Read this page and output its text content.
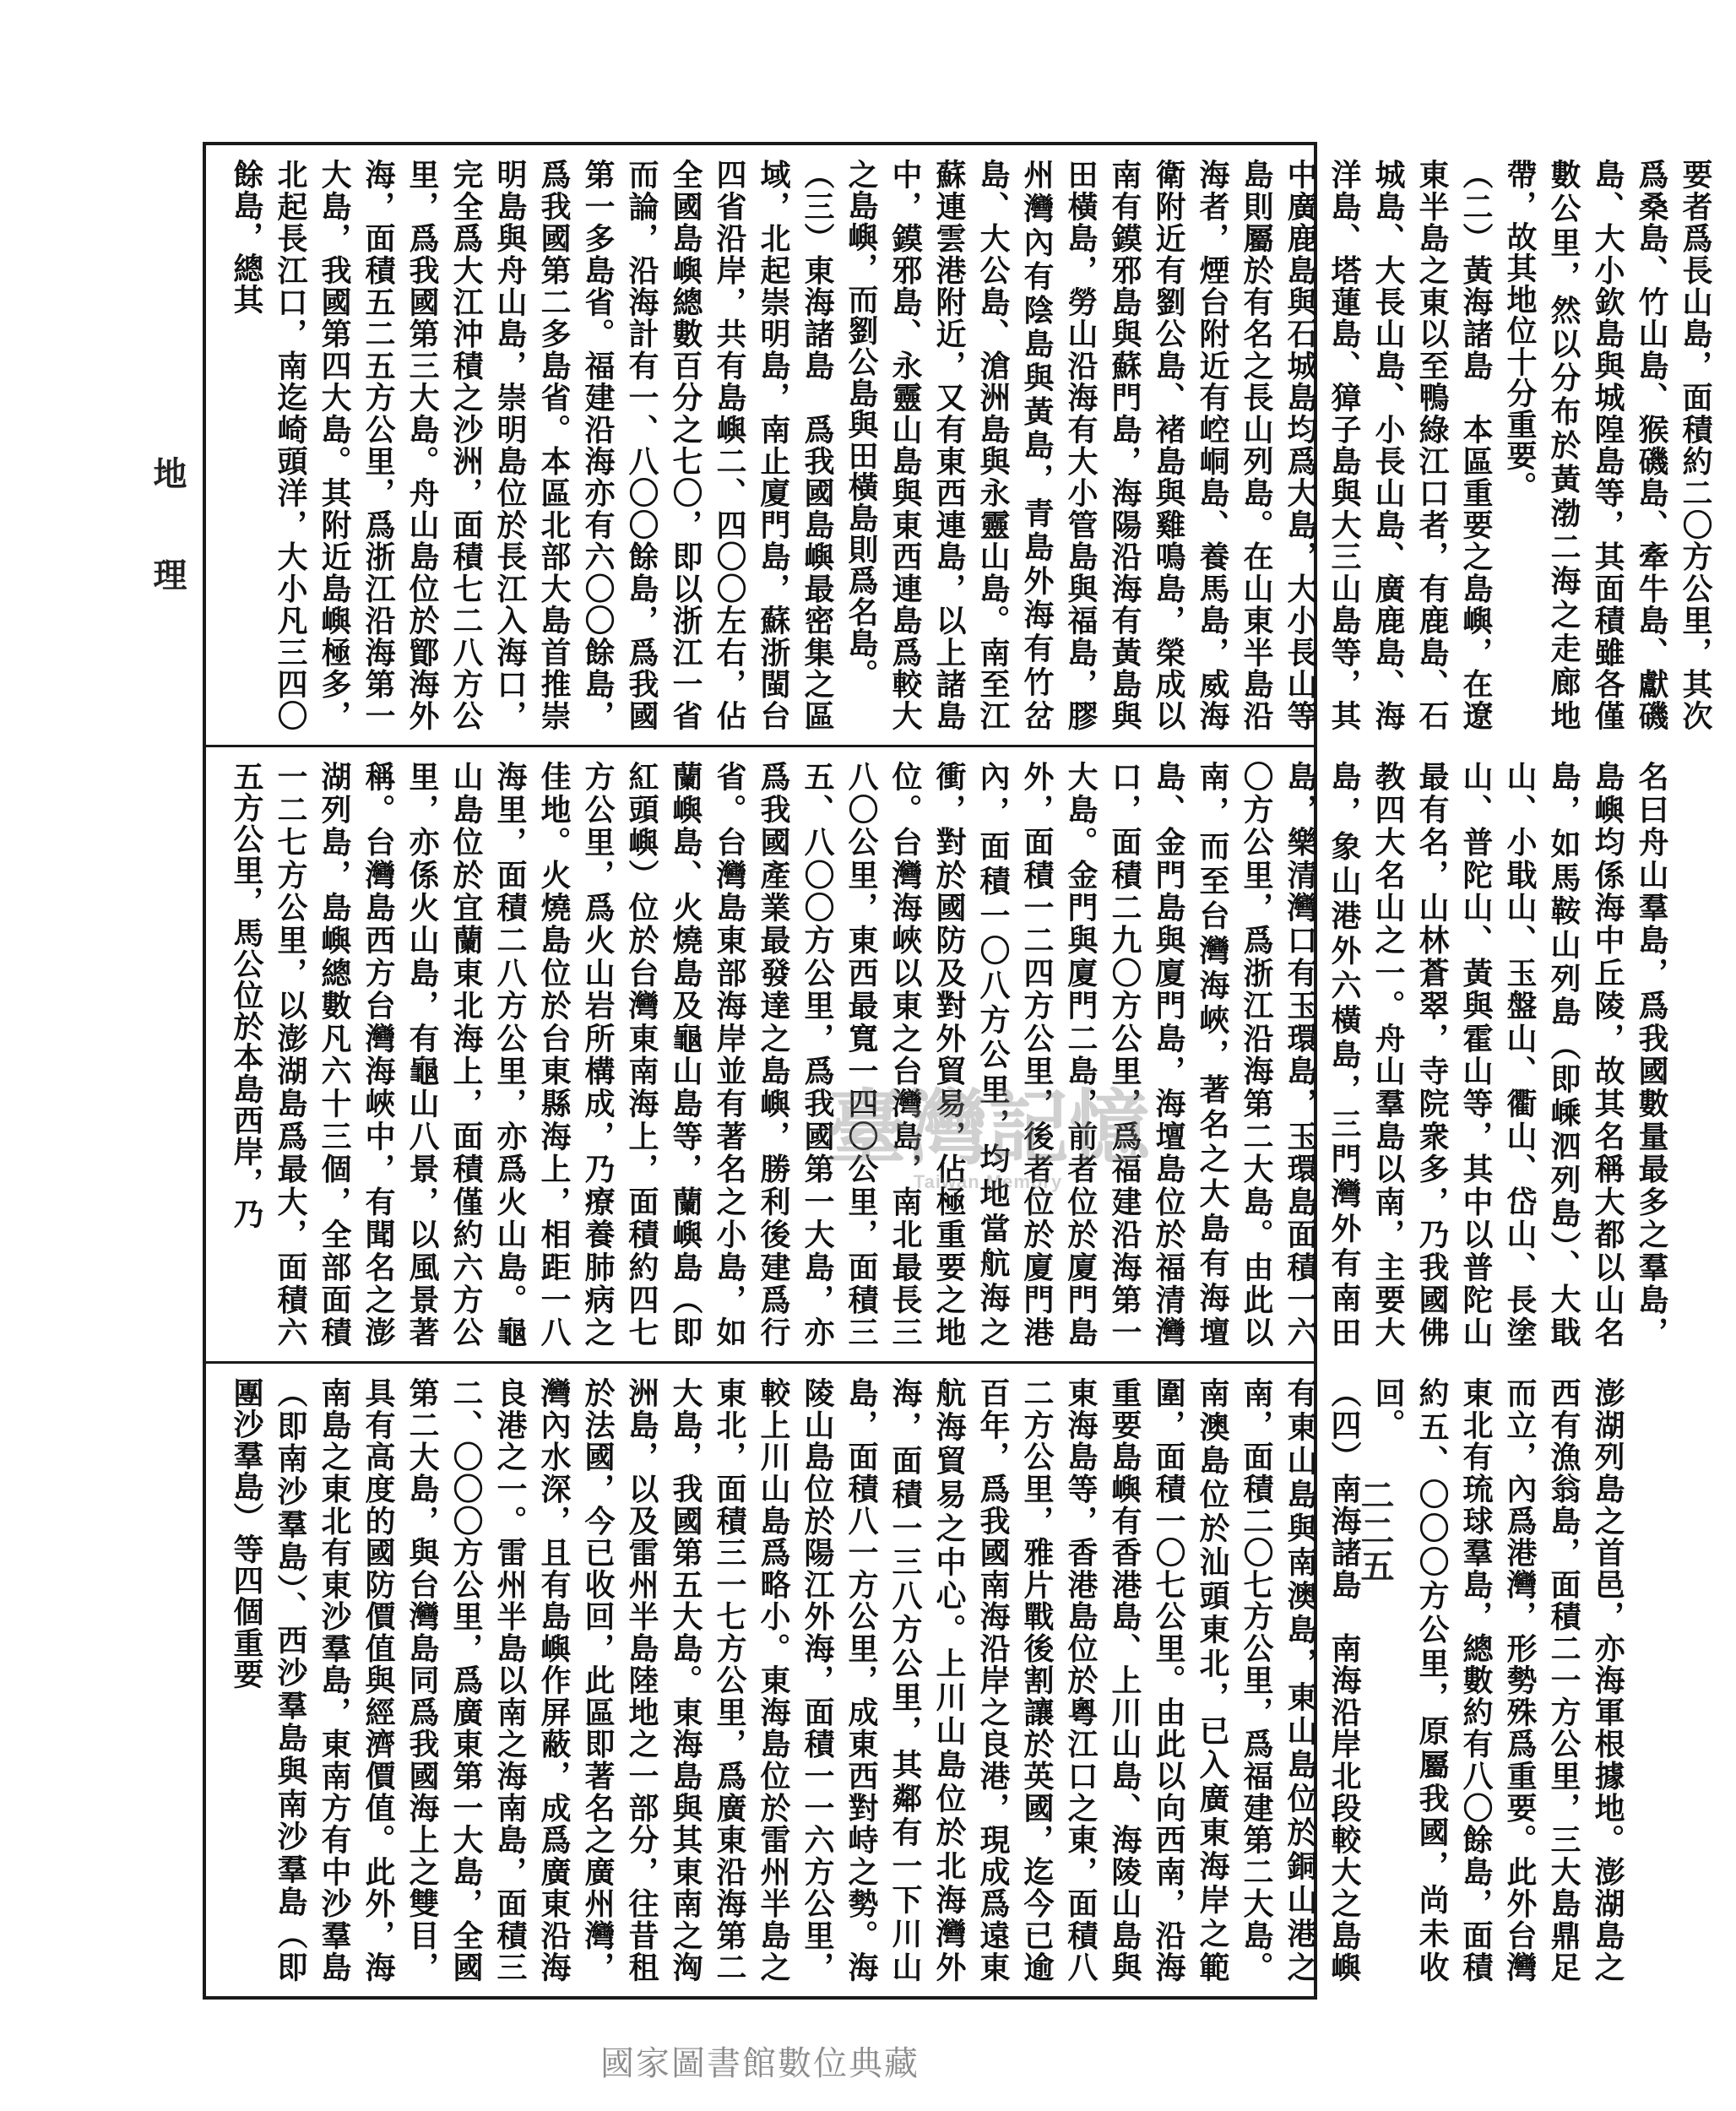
地理	要者爲長山島，面積約二〇方公里，其次爲桑島、竹山島、猴磯島、牽牛島、獻磯島、大小欽島與城隍島等，其面積雖各僅數公里，然以分布於黃渤二海之走廊地帶，故其地位十分重要。

（二）黃海諸島　本區重要之島嶼，在遼東半島之東以至鴨綠江口者，有鹿島、石城島、大長山島、小長山島、廣鹿島、海洋島、塔蓮島、獐子島與大三山島等，其中廣鹿島與石城島均爲大島，大小長山等島則屬於有名之長山列島。在山東半島沿海者，煙台附近有崆峒島、養馬島，威海衛附近有劉公島、褚島與雞鳴島，榮成以南有鏌邪島與蘇門島，海陽沿海有黃島與田橫島，勞山沿海有大小管島與福島，膠州灣內有陰島與黃島，青島外海有竹岔島、大公島、滄洲島與永靈山島。南至江蘇連雲港附近，又有東西連島，以上諸島中，鏌邪島、永靈山島與東西連島爲較大之島嶼，而劉公島與田橫島則爲名島。

（三）東海諸島　爲我國島嶼最密集之區域，北起崇明島，南止廈門島，蘇浙閩台四省沿岸，共有島嶼二、四〇〇左右，佔全國島嶼總數百分之七〇，即以浙江一省而論，沿海計有一、八〇〇餘島，爲我國第一多島省。福建沿海亦有六〇〇餘島，爲我國第二多島省。本區北部大島首推崇明島與舟山島，崇明島位於長江入海口，完全爲大江沖積之沙洲，面積七二八方公里，爲我國第三大島。舟山島位於鄮海外海，面積五二五方公里，爲浙江沿海第一大島，我國第四大島。其附近島嶼極多，北起長江口，南迄崎頭洋，大小凡三四〇餘島，總其

名曰舟山羣島，爲我國數量最多之羣島，島嶼均係海中丘陵，故其名稱大都以山名島，如馬鞍山列島（即嵊泗列島）、大戢山、小戢山、玉盤山、衢山、岱山、長塗山、普陀山、黃與霍山等，其中以普陀山最有名，山林蒼翠，寺院衆多，乃我國佛教四大名山之一。舟山羣島以南，主要大島，象山港外六橫島，三門灣外有南田島，樂清灣口有玉環島，玉環島面積一六〇方公里，爲浙江沿海第二大島。由此以南，而至台灣海峽，著名之大島有海壇島、金門島與廈門島，海壇島位於福清灣口，面積二九〇方公里，爲福建沿海第一大島。金門與廈門二島，前者位於廈門島外，面積一二四方公里，後者位於廈門港內，面積一〇八方公里，均地當航海之衝，對於國防及對外貿易，佔極重要之地位。台灣海峽以東之台灣島，南北最長三八〇公里，東西最寬一四〇公里，面積三五、八〇〇方公里，爲我國第一大島，亦爲我國產業最發達之島嶼，勝利後建爲行省。台灣島東部海岸並有著名之小島，如蘭嶼島、火燒島及龜山島等，蘭嶼島（即紅頭嶼）位於台灣東南海上，面積約四七方公里，爲火山岩所構成，乃療養肺病之佳地。火燒島位於台東縣海上，相距一八海里，面積二八方公里，亦爲火山島。龜山島位於宜蘭東北海上，面積僅約六方公里，亦係火山島，有龜山八景，以風景著稱。台灣島西方台灣海峽中，有聞名之澎湖列島，島嶼總數凡六十三個，全部面積一二七方公里，以澎湖島爲最大，面積六五方公里，馬公位於本島西岸，乃

澎湖列島之首邑，亦海軍根據地。澎湖島之西有漁翁島，面積二一方公里，三大島鼎足而立，內爲港灣，形勢殊爲重要。此外台灣東北有琉球羣島，總數約有八〇餘島，面積約五、〇〇〇方公里，原屬我國，尚未收回。

（四）南海諸島　南海沿岸北段較大之島嶼有東山島與南澳島，東山島位於銅山港之南，面積二〇七方公里，爲福建第二大島。南澳島位於汕頭東北，已入廣東海岸之範圍，面積一〇七公里。由此以向西南，沿海重要島嶼有香港島、上川山島、海陵山島與東海島等，香港島位於粵江口之東，面積八二方公里，雅片戰後割讓於英國，迄今已逾百年，爲我國南海沿岸之良港，現成爲遠東航海貿易之中心。上川山島位於北海灣外海，面積一三八方公里，其鄰有一下川山島，面積八一方公里，成東西對峙之勢。海陵山島位於陽江外海，面積一一六方公里，較上川山島爲略小。東海島位於雷州半島之東北，面積三一七方公里，爲廣東沿海第二大島，我國第五大島。東海島與其東南之洶洲島，以及雷州半島陸地之一部分，往昔租於法國，今已收回，此區即著名之廣州灣，灣內水深，且有島嶼作屏蔽，成爲廣東沿海良港之一。雷州半島以南之海南島，面積三二、〇〇〇方公里，爲廣東第一大島，全國第二大島，與台灣島同爲我國海上之雙目，具有高度的國防價值與經濟價值。此外，海南島之東北有東沙羣島，東南方有中沙羣島（即南沙羣島）、西沙羣島與南沙羣島（即團沙羣島）等四個重要	二二五
臺灣記憶
Taiwan Memory
國家圖書館數位典藏
